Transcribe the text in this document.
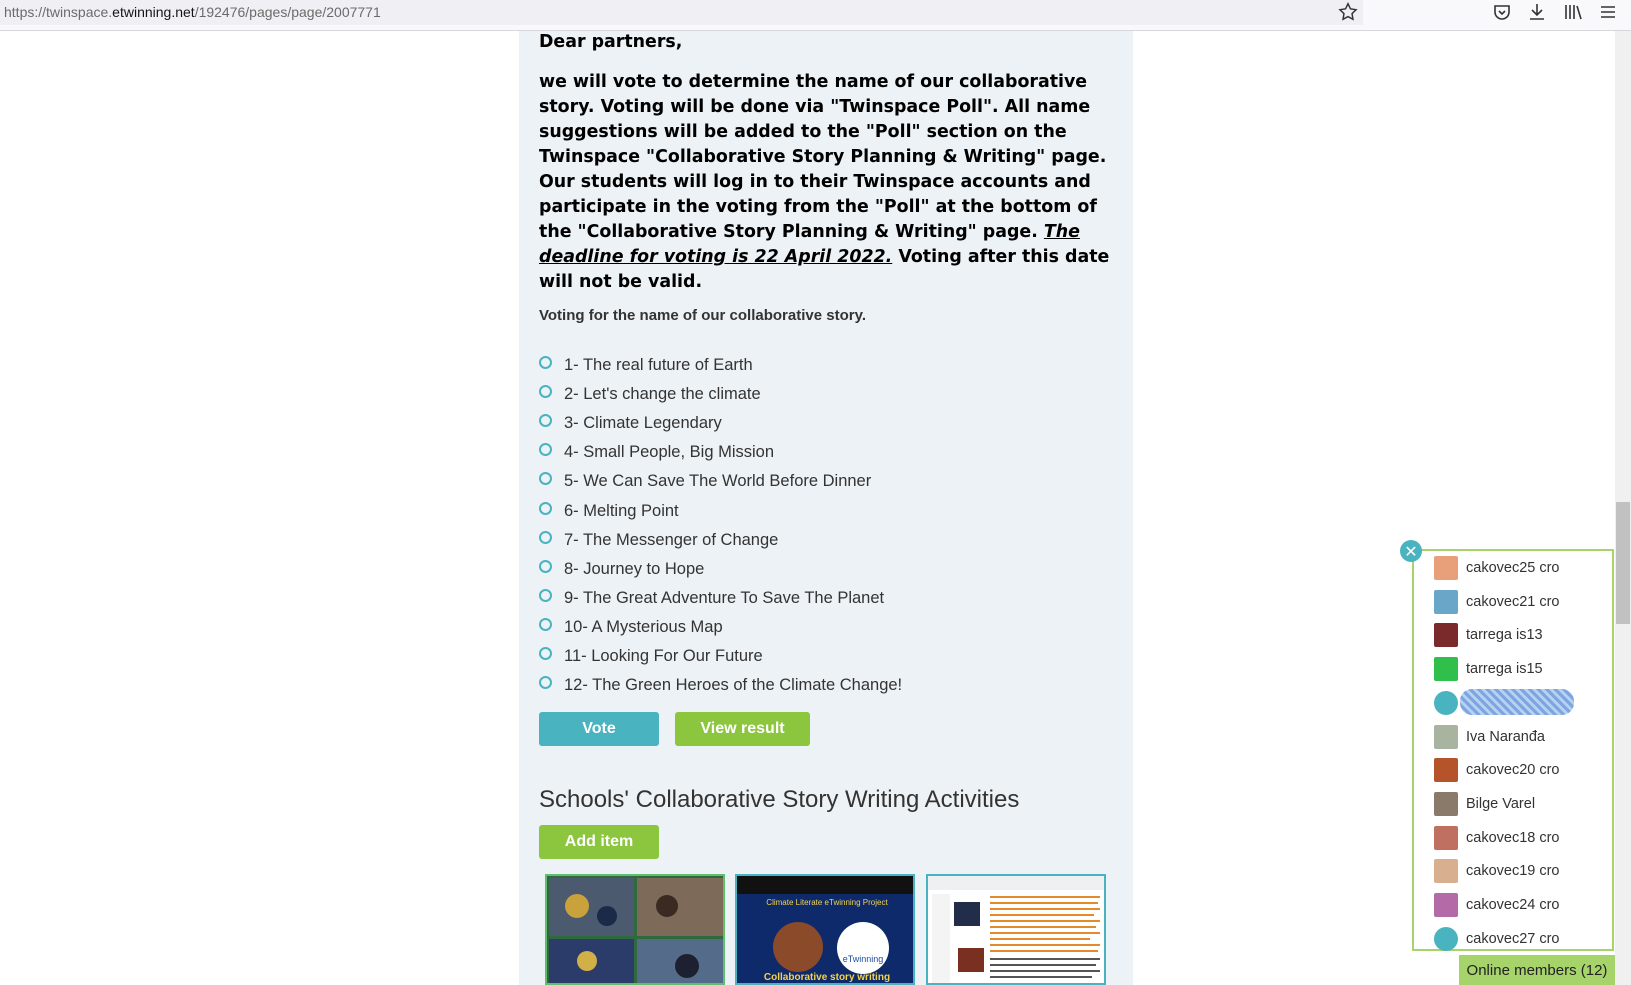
https://twinspace.etwinning.net/192476/pages/page/2007771

Dear partners,

we will vote to determine the name of our collaborative story. Voting will be done via "Twinspace Poll". All name suggestions will be added to the "Poll" section on the Twinspace "Collaborative Story Planning & Writing" page. Our students will log in to their Twinspace accounts and participate in the voting from the "Poll" at the bottom of the "Collaborative Story Planning & Writing" page. The deadline for voting is 22 April 2022. Voting after this date will not be valid.

Voting for the name of our collaborative story.
1- The real future of Earth
2- Let's change the climate
3- Climate Legendary
4- Small People, Big Mission
5- We Can Save The World Before Dinner
6- Melting Point
7- The Messenger of Change
8- Journey to Hope
9- The Great Adventure To Save The Planet
10- A Mysterious Map
11- Looking For Our Future
12- The Green Heroes of the Climate Change!
Vote	View result
Schools' Collaborative Story Writing Activities
Add item
Climate Literate eTwinning Project
eTwinning
Collaborative story writing
cakovec25 cro
cakovec21 cro
tarrega is13
tarrega is15
Iva Naranđa
cakovec20 cro
Bilge Varel
cakovec18 cro
cakovec19 cro
cakovec24 cro
cakovec27 cro
✕
Online members (12)
